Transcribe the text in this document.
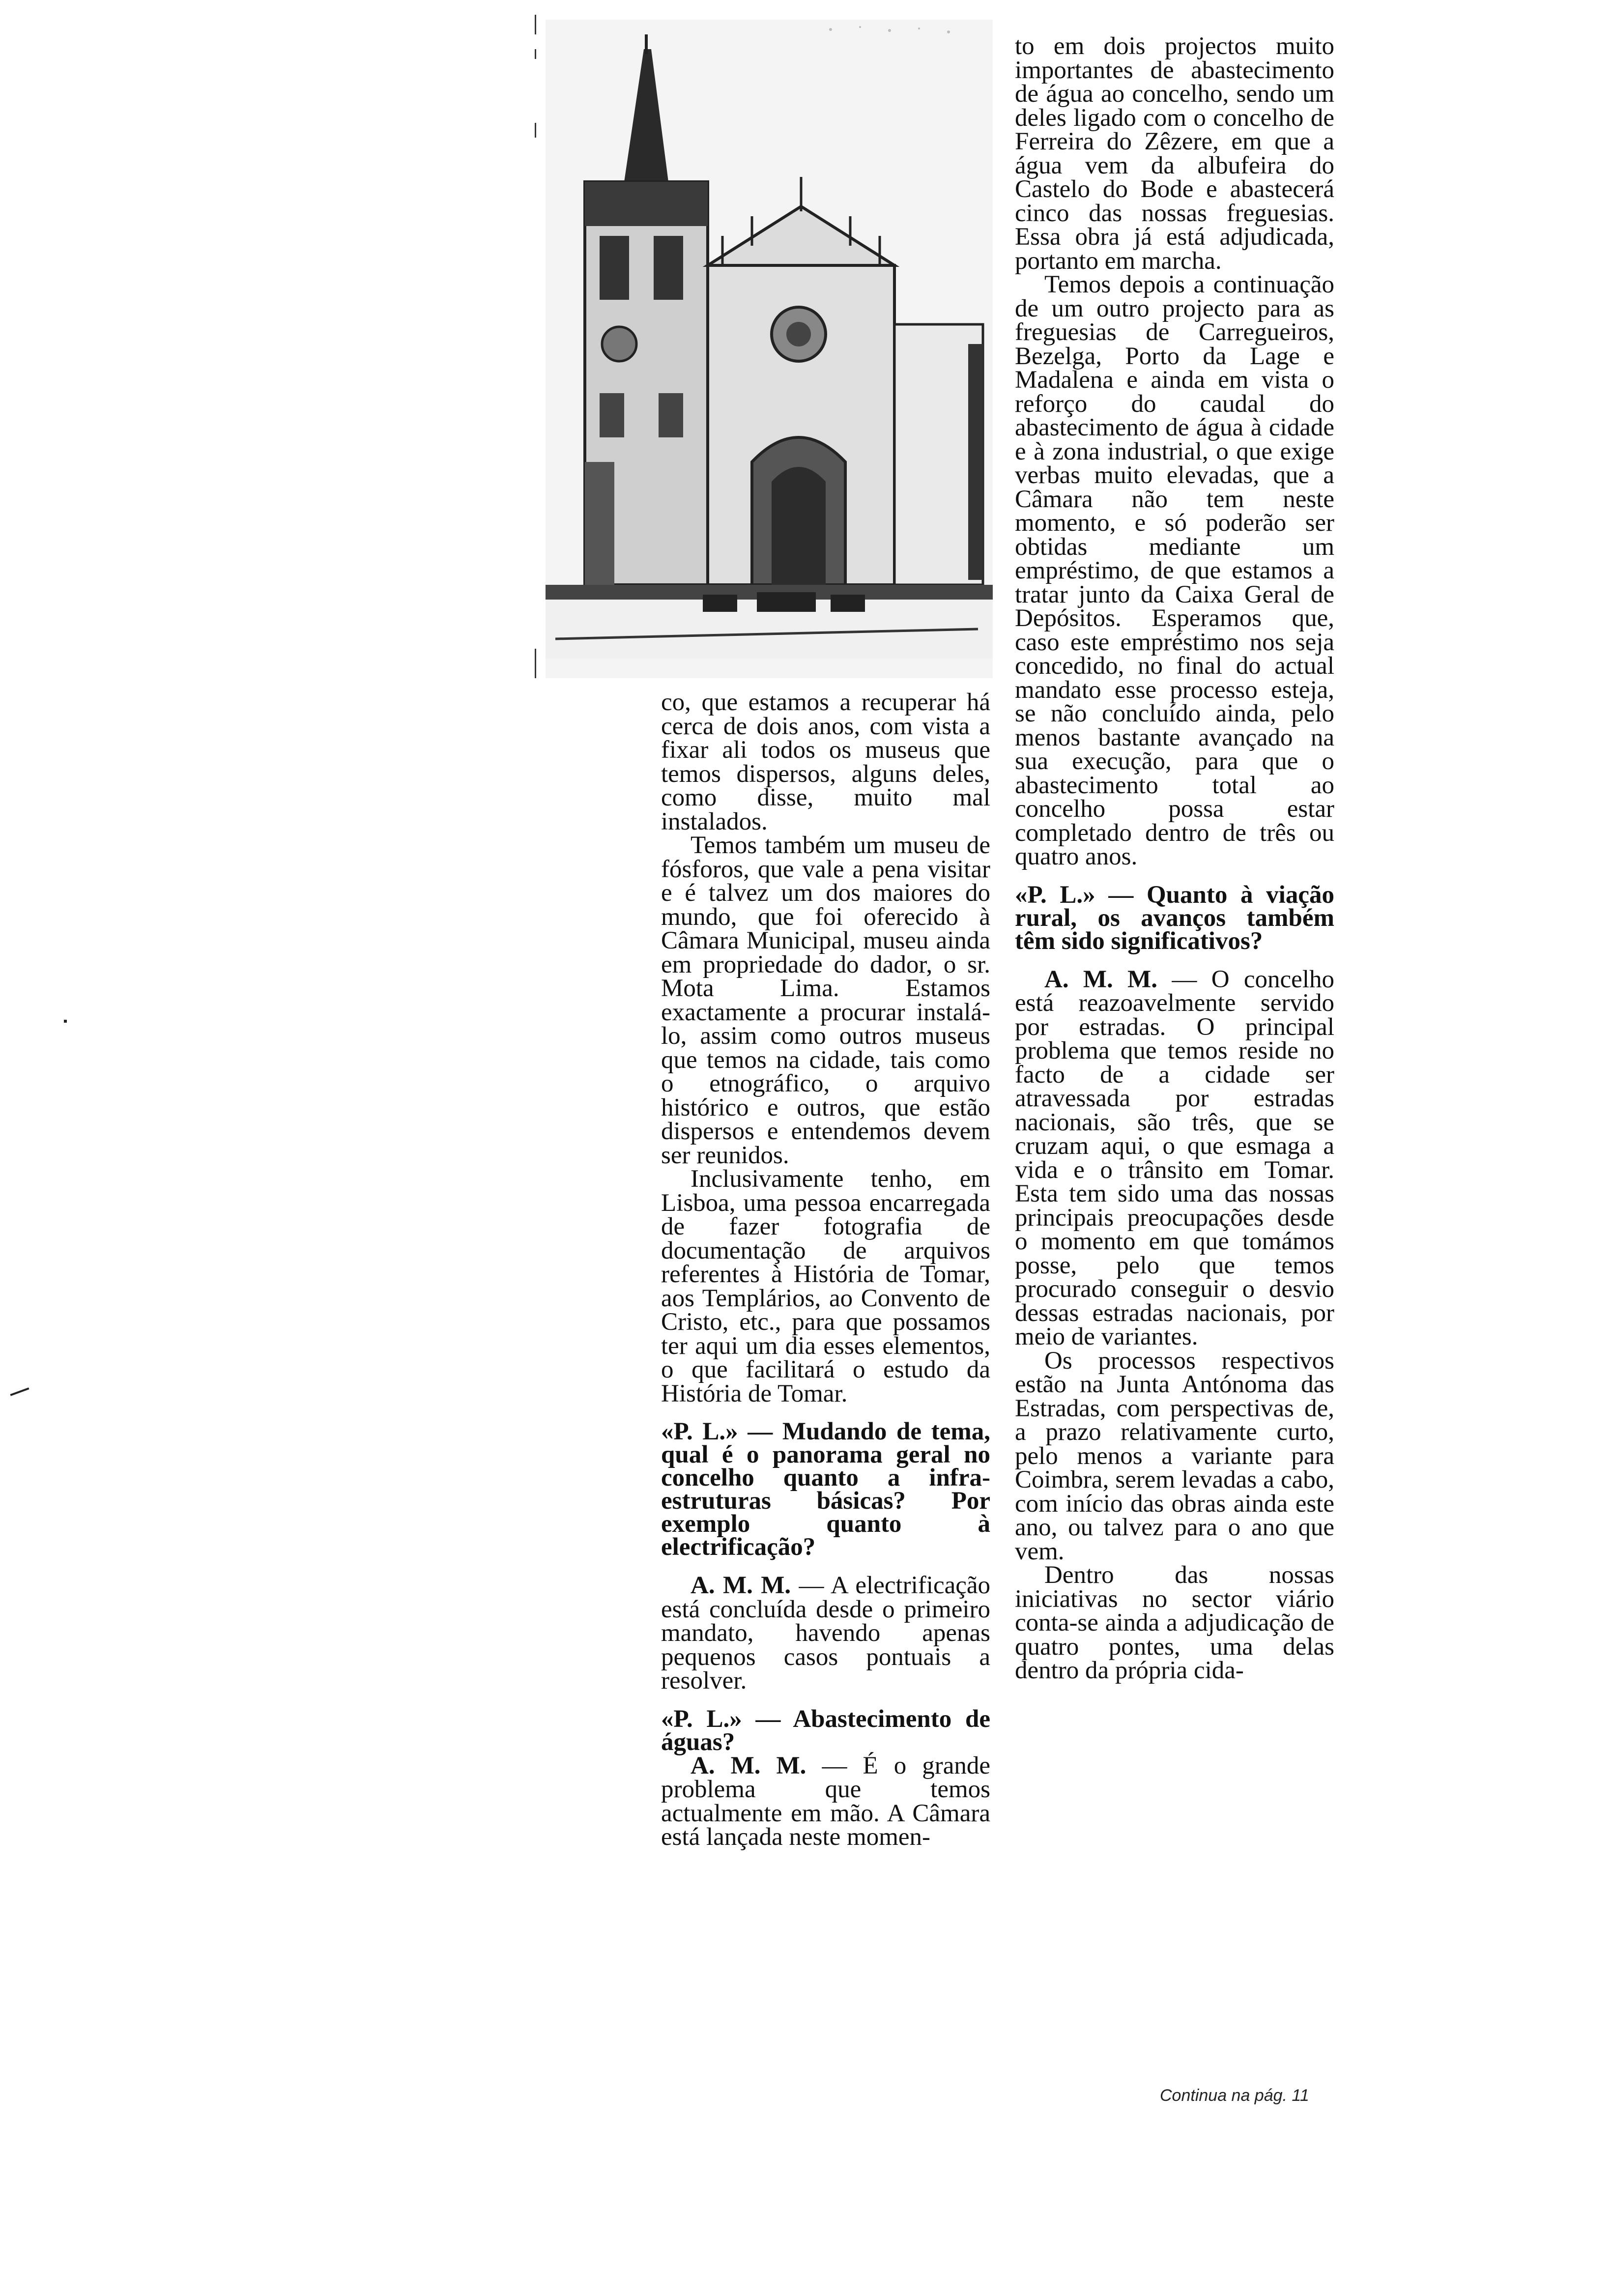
co, que estamos a recuperar há cerca de dois anos, com vista a fixar ali todos os museus que temos dispersos, alguns deles, como disse, muito mal instalados.

Temos também um museu de fósforos, que vale a pena visitar e é talvez um dos maiores do mundo, que foi oferecido à Câmara Municipal, museu ainda em propriedade do dador, o sr. Mota Lima. Estamos exactamente a procurar instalá-lo, assim como outros museus que temos na cidade, tais como o etnográfico, o arquivo histórico e outros, que estão dispersos e entendemos devem ser reunidos.

Inclusivamente tenho, em Lisboa, uma pessoa encarregada de fazer fotografia de documentação de arquivos referentes à História de Tomar, aos Templários, ao Convento de Cristo, etc., para que possamos ter aqui um dia esses elementos, o que facilitará o estudo da História de Tomar.

«P. L.» — Mudando de tema, qual é o panorama geral no concelho quanto a infra-estruturas básicas? Por exemplo quanto à electrificação?

A. M. M. — A electrificação está concluída desde o primeiro mandato, havendo apenas pequenos casos pontuais a resolver.

«P. L.» — Abastecimento de águas?

A. M. M. — É o grande problema que temos actualmente em mão. A Câmara está lançada neste momen-

to em dois projectos muito importantes de abastecimento de água ao concelho, sendo um deles ligado com o concelho de Ferreira do Zêzere, em que a água vem da albufeira do Castelo do Bode e abastecerá cinco das nossas freguesias. Essa obra já está adjudicada, portanto em marcha.

Temos depois a continuação de um outro projecto para as freguesias de Carregueiros, Bezelga, Porto da Lage e Madalena e ainda em vista o reforço do caudal do abastecimento de água à cidade e à zona industrial, o que exige verbas muito elevadas, que a Câmara não tem neste momento, e só poderão ser obtidas mediante um empréstimo, de que estamos a tratar junto da Caixa Geral de Depósitos. Esperamos que, caso este empréstimo nos seja concedido, no final do actual mandato esse processo esteja, se não concluído ainda, pelo menos bastante avançado na sua execução, para que o abastecimento total ao concelho possa estar completado dentro de três ou quatro anos.

«P. L.» — Quanto à viação rural, os avanços também têm sido significativos?

A. M. M. — O concelho está reazoavelmente servido por estradas. O principal problema que temos reside no facto de a cidade ser atravessada por estradas nacionais, são três, que se cruzam aqui, o que esmaga a vida e o trânsito em Tomar. Esta tem sido uma das nossas principais preocupações desde o momento em que tomámos posse, pelo que temos procurado conseguir o desvio dessas estradas nacionais, por meio de variantes.

Os processos respectivos estão na Junta Antónoma das Estradas, com perspectivas de, a prazo relativamente curto, pelo menos a variante para Coimbra, serem levadas a cabo, com início das obras ainda este ano, ou talvez para o ano que vem.

Dentro das nossas iniciativas no sector viário conta-se ainda a adjudicação de quatro pontes, uma delas dentro da própria cida-

Continua na pág. 11
